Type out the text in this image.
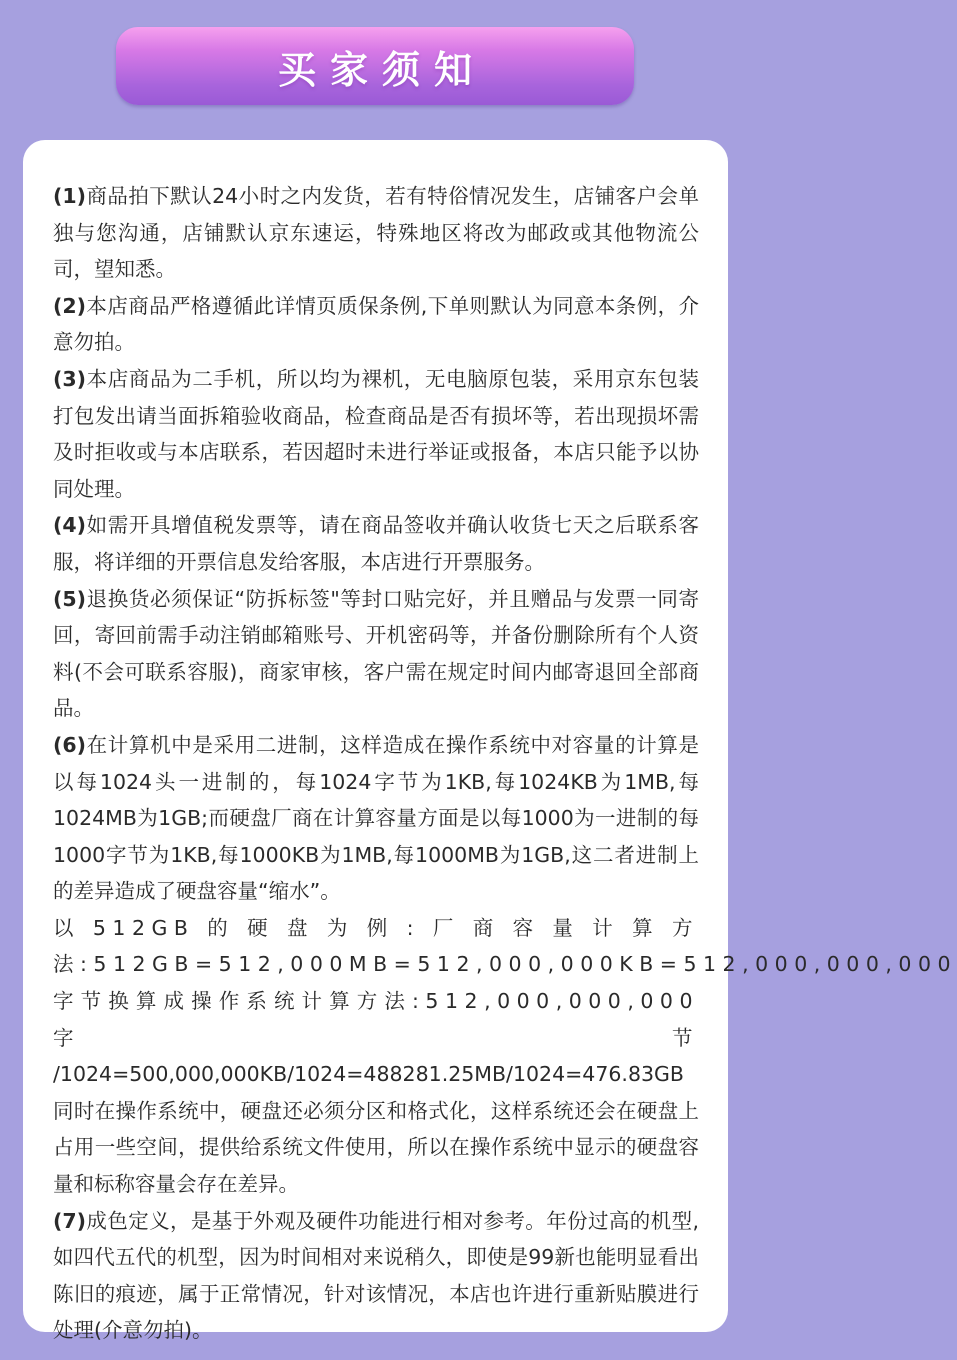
买家须知

(1)商品拍下默认24小时之内发货，若有特俗情况发生，店铺客户会单独与您沟通，店铺默认京东速运，特殊地区将改为邮政或其他物流公司，望知悉。

(2)本店商品严格遵循此详情页质保条例,下单则默认为同意本条例，介意勿拍。

(3)本店商品为二手机，所以均为裸机，无电脑原包装，采用京东包装打包发出请当面拆箱验收商品，检查商品是否有损坏等，若出现损坏需及时拒收或与本店联系，若因超时未进行举证或报备，本店只能予以协同处理。

(4)如需开具增值税发票等，请在商品签收并确认收货七天之后联系客服，将详细的开票信息发给客服，本店进行开票服务。

(5)退换货必须保证“防拆标签"等封口贴完好，并且赠品与发票一同寄回，寄回前需手动注销邮箱账号、开机密码等，并备份删除所有个人资料(不会可联系容服)，商家审核，客户需在规定时间内邮寄退回全部商品。

(6)在计算机中是采用二进制，这样造成在操作系统中对容量的计算是以每1024头一进制的，每1024字节为1KB,每1024KB为1MB,每1024MB为1GB;而硬盘厂商在计算容量方面是以每1000为一进制的每1000字节为1KB,每1000KB为1MB,每1000MB为1GB,这二者进制上的差异造成了硬盘容量“缩水”。

以512GB的硬盘为例:厂商容量计算方法:512GB=512,000MB=512,000,000KB=512,000,000,000字节换算成操作系统计算方法:512,000,000,000字节

/1024=500,000,000KB/1024=488281.25MB/1024=476.83GB同时在操作系统中，硬盘还必须分区和格式化，这样系统还会在硬盘上占用一些空间，提供给系统文件使用，所以在操作系统中显示的硬盘容量和标称容量会存在差异。

(7)成色定义，是基于外观及硬件功能进行相对参考。年份过高的机型,如四代五代的机型，因为时间相对来说稍久，即使是99新也能明显看出陈旧的痕迹，属于正常情况，针对该情况，本店也许进行重新贴膜进行处理(介意勿拍)。
